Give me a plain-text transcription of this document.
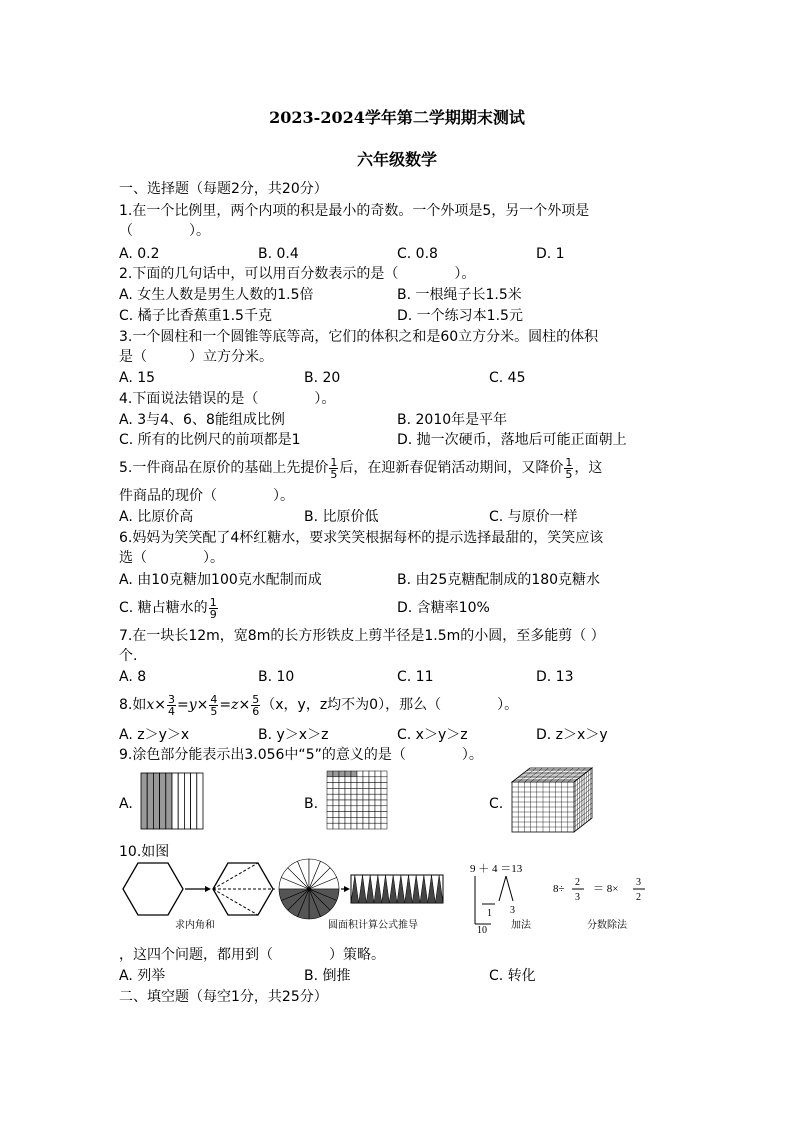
2023-2024学年第二学期期末测试
六年级数学
一、选择题（每题2分，共20分）
1.在一个比例里，两个内项的积是最小的奇数。一个外项是5，另一个外项是
（　　　　）。
A. 0.2	B. 0.4	C. 0.8	D. 1
2.下面的几句话中，可以用百分数表示的是（　　　　）。
A. 女生人数是男生人数的1.5倍	B. 一根绳子长1.5米
C. 橘子比香蕉重1.5千克	D. 一个练习本1.5元
3.一个圆柱和一个圆锥等底等高，它们的体积之和是60立方分米。圆柱的体积
是（　　　）立方分米。
A. 15	B. 20	C. 45
4.下面说法错误的是（　　　　）。
A. 3与4、6、8能组成比例	B. 2010年是平年
C. 所有的比例尺的前项都是1	D. 抛一次硬币，落地后可能正面朝上
5.一件商品在原价的基础上先提价 $\frac{1}{5}$ 后，在迎新春促销活动期间，又降价 $\frac{1}{5}$ ，这
件商品的现价（　　　　）。
A. 比原价高	B. 比原价低	C. 与原价一样
6.妈妈为笑笑配了4杯红糖水，要求笑笑根据每杯的提示选择最甜的，笑笑应该
选（　　　　）。
A. 由10克糖加100克水配制而成	B. 由25克糖配制成的180克糖水
C. 糖占糖水的 $\frac{1}{9}$	D. 含糖率10%
7.在一块长12m，宽8m的长方形铁皮上剪半径是1.5m的小圆，至多能剪（ ）
个.
A. 8	B. 10	C. 11	D. 13
8.如$x\times \frac{3}{4} =y\times \frac{4}{5} =z\times \frac{5}{6} (x$，y，z均不为0），那么（　　　　）。
A. z＞y＞x	B. y＞x＞z	C. x＞y＞z	D. z＞x＞y
9.涂色部分能表示出3.056中“5”的意义的是（　　　　）。
A.	B.	C.
10.如图
求内角和	圆面积计算公式推导
9 ＋ 4 ＝13
1 3
10 加法
8÷
2
3
＝ 8×
3
2
分数除法
，这四个问题，都用到（　　　　）策略。
A. 列举	B. 倒推	C. 转化
二、填空题（每空1分，共25分）
